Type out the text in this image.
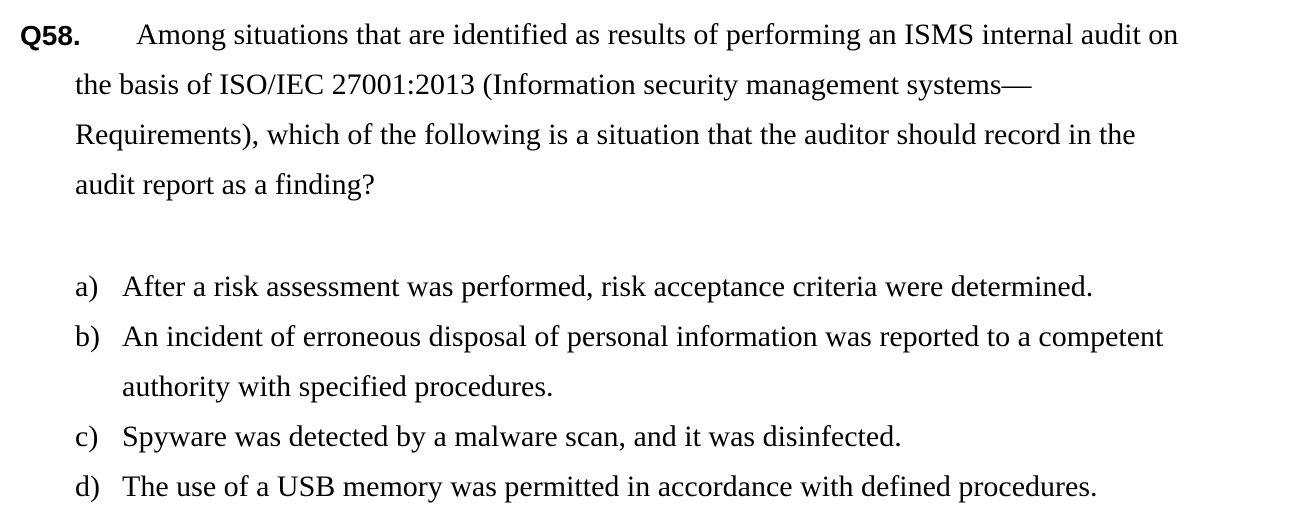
Q58. Among situations that are identified as results of performing an ISMS internal audit on
the basis of ISO/IEC 27001:2013 (Information security management systems—
Requirements), which of the following is a situation that the auditor should record in the
audit report as a finding?
a) After a risk assessment was performed, risk acceptance criteria were determined.
b) An incident of erroneous disposal of personal information was reported to a competent
authority with specified procedures.
c) Spyware was detected by a malware scan, and it was disinfected.
d) The use of a USB memory was permitted in accordance with defined procedures.
